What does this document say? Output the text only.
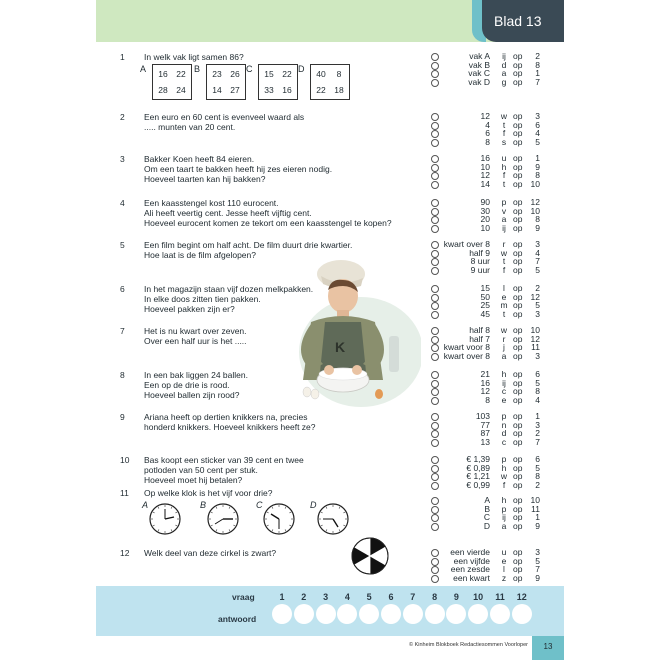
Blad 13
1	In welk vak ligt samen 86?
2	Een euro en 60 cent is evenveel waard als
..... munten van 20 cent.
3	Bakker Koen heeft 84 eieren.
Om een taart te bakken heeft hij zes eieren nodig.
Hoeveel taarten kan hij bakken?
4	Een kaasstengel kost 110 eurocent.
Ali heeft veertig cent. Jesse heeft vijftig cent.
Hoeveel eurocent komen ze tekort om een kaasstengel te kopen?
5	Een film begint om half acht. De film duurt drie kwartier.
Hoe laat is de film afgelopen?
6	In het magazijn staan vijf dozen melkpakken.
In elke doos zitten tien pakken.
Hoeveel pakken zijn er?
7	Het is nu kwart over zeven.
Over een half uur is het .....
8	In een bak liggen 24 ballen.
Een op de drie is rood.
Hoeveel ballen zijn rood?
9	Ariana heeft op dertien knikkers na, precies
honderd knikkers. Hoeveel knikkers heeft ze?
10 Bas koopt een sticker van 39 cent en twee
potloden van 50 cent per stuk.
Hoeveel moet hij betalen?
11	Op welke klok is het vijf voor drie?
12 Welk deel van deze cirkel is zwart?
A	16	22
28	24
B	23	26
14	27
C	15	22
33	16
D	40	8
22	18
A	B	C	D
vak A	ij op	2
vak B	d op	8
vak C	a op	1
vak D	g op	7
12 w op	3
4	t op	6
6	f op	4
8	s op	5
16	u op	1
10	h op	9
12	f op	8
14	t op 10
90	p op 12
30	v op 10
20	a op	8
10	ij op	9
kwart over 8	r op	3
half 9 w op	4
8 uur	t op	7
9 uur	f op	5
15	l op	2
50	e op 12
25 m op	5
45	t op	3
half 8 w op 10
half 7	r op 12
kwart voor 8	j op	11
kwart over 8	a op	3
21	h op	6
16	ij op	5
12	c op	8
8	e op	4
103	p op	1
77	n op	3
87	d op	2
13	c op	7
€ 1,39	p op	6
€ 0,89	h op	5
€ 1,21 w op	8
€ 0,99	f op	2
A	h op 10
B	p op	11
C	ij op	1
D	a op	9
een vierde	u op	3
een vijfde	e op	5
een zesde	l op	7
een kwart	z op	9
K
vraag
antwoord
1	2	3	4	5	6	7	8	9	10	11	12
© Kinheim Blokboek Redactiesommen Voorloper	13
